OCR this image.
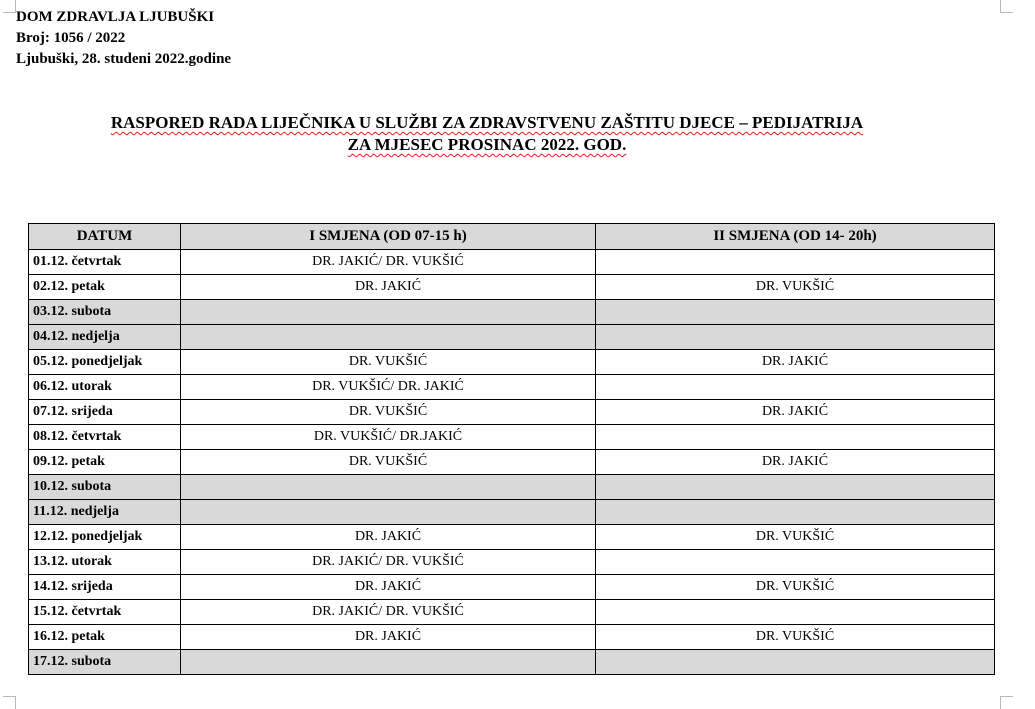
DOM ZDRAVLJA LJUBUŠKI
Broj: 1056 / 2022
Ljubuški, 28. studeni 2022.godine
RASPORED RADA LIJEČNIKA U SLUŽBI ZA ZDRAVSTVENU ZAŠTITU DJECE – PEDIJATRIJA
ZA MJESEC PROSINAC 2022. GOD.
DATUM	I SMJENA (OD 07-15 h)	II SMJENA (OD 14- 20h)
01.12. četvrtak	DR. JAKIĆ/ DR. VUKŠIĆ	
02.12. petak	DR. JAKIĆ	DR. VUKŠIĆ
03.12. subota		
04.12. nedjelja		
05.12. ponedjeljak	DR. VUKŠIĆ	DR. JAKIĆ
06.12. utorak	DR. VUKŠIĆ/ DR. JAKIĆ	
07.12. srijeda	DR. VUKŠIĆ	DR. JAKIĆ
08.12. četvrtak	DR. VUKŠIĆ/ DR.JAKIĆ	
09.12. petak	DR. VUKŠIĆ	DR. JAKIĆ
10.12. subota		
11.12. nedjelja		
12.12. ponedjeljak	DR. JAKIĆ	DR. VUKŠIĆ
13.12. utorak	DR. JAKIĆ/ DR. VUKŠIĆ	
14.12. srijeda	DR. JAKIĆ	DR. VUKŠIĆ
15.12. četvrtak	DR. JAKIĆ/ DR. VUKŠIĆ	
16.12. petak	DR. JAKIĆ	DR. VUKŠIĆ
17.12. subota		
